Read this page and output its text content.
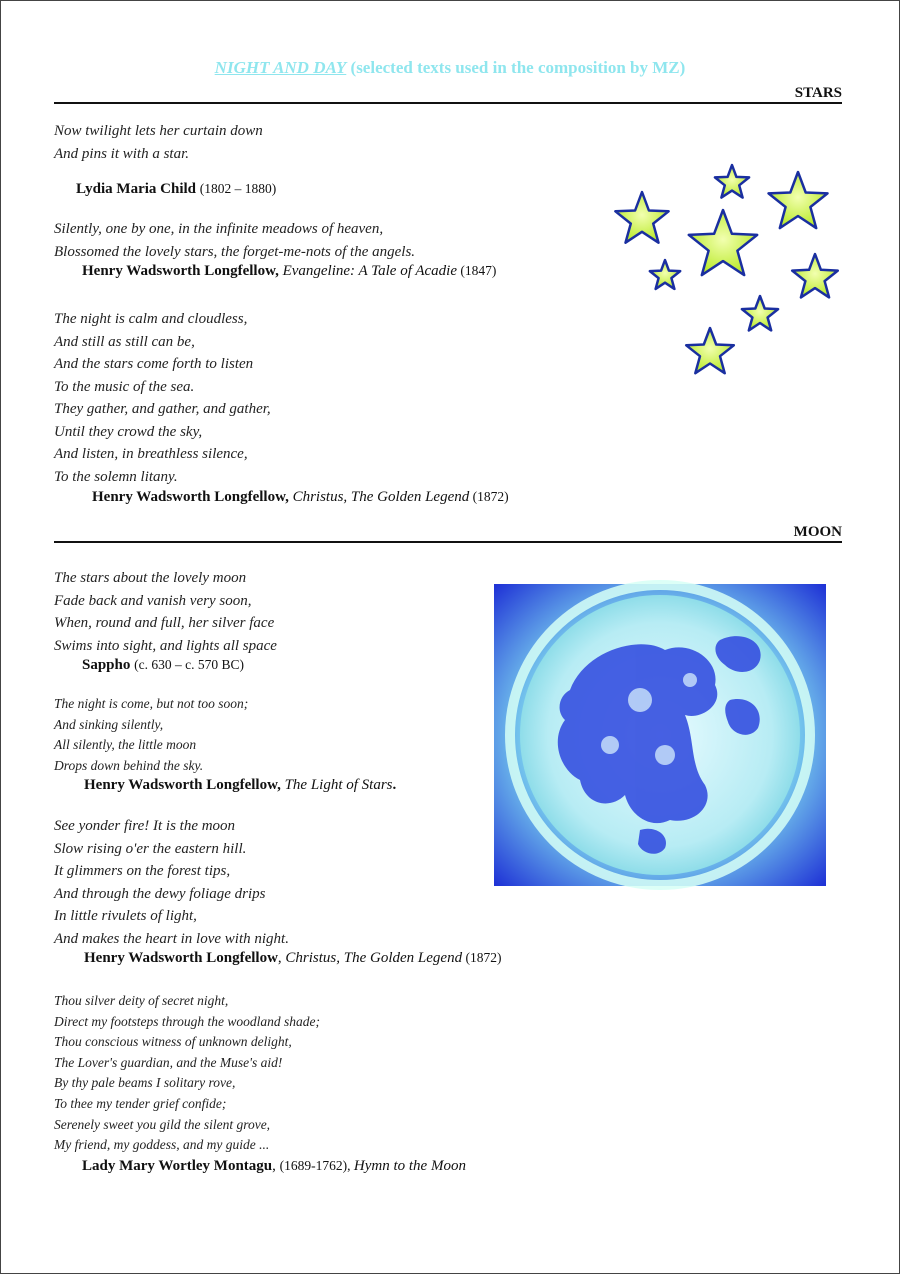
NIGHT AND DAY (selected texts used in the composition by MZ)
STARS
Now twilight lets her curtain down
And pins it with a star.
Lydia Maria Child (1802 – 1880)
Silently, one by one, in the infinite meadows of heaven,
Blossomed the lovely stars, the forget-me-nots of the angels.
Henry Wadsworth Longfellow, Evangeline: A Tale of Acadie (1847)
The night is calm and cloudless,
And still as still can be,
And the stars come forth to listen
To the music of the sea.
They gather, and gather, and gather,
Until they crowd the sky,
And listen, in breathless silence,
To the solemn litany.
Henry Wadsworth Longfellow, Christus, The Golden Legend (1872)
MOON
The stars about the lovely moon
Fade back and vanish very soon,
When, round and full, her silver face
Swims into sight, and lights all space
Sappho (c. 630 – c. 570 BC)
The night is come, but not too soon;
And sinking silently,
All silently, the little moon
Drops down behind the sky.
Henry Wadsworth Longfellow, The Light of Stars.
See yonder fire! It is the moon
Slow rising o'er the eastern hill.
It glimmers on the forest tips,
And through the dewy foliage drips
In little rivulets of light,
And makes the heart in love with night.
Henry Wadsworth Longfellow, Christus, The Golden Legend (1872)
Thou silver deity of secret night,
Direct my footsteps through the woodland shade;
Thou conscious witness of unknown delight,
The Lover's guardian, and the Muse's aid!
By thy pale beams I solitary rove,
To thee my tender grief confide;
Serenely sweet you gild the silent grove,
My friend, my goddess, and my guide ...
Lady Mary Wortley Montagu, (1689-1762), Hymn to the Moon
